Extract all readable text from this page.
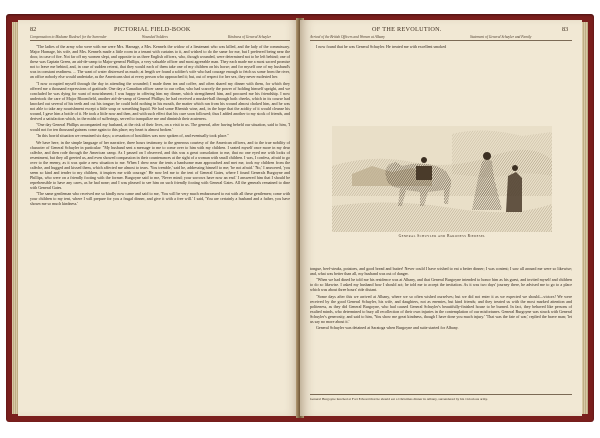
82	PICTORIAL FIELD-BOOK
Compensation to Madame Riedesel for the Surrender	Wounded Soldiers	Kindness of General Schuyler

"The ladies of the army who were with me were Mrs. Harnage, a Mrs. Kennels the widow of a lieutenant who was killed, and the lady of the commissary. Major Harnage, his wife, and Mrs. Kennels made a little room in a tenant with curtains to it, and wished to do the same for me, but I preferred being near the door, in case of fire. Not far off my women slept, and opposite to us three English officers, who, though wounded, were determined not to be left behind; one of these was Captain Green, an aid-de-camp to Major-general Phillips, a very valuable officer and most agreeable man. They each made me a most sacred promise not to leave me behind, and, in case of sudden retreat, that they would each of them take one of my children on his horse; and for myself one of my husband's was in constant readiness. ... The want of water distressed us much; at length we found a soldier's wife who had courage enough to fetch us some from the river, an office nobody else would undertake, as the Americans shot at every person who approached it; but, out of respect for her sex, they never molested her.

"I now occupied myself through the day in attending the wounded; I made them tea and coffee, and often shared my dinner with them, for which they offered me a thousand expressions of gratitude. One day a Canadian officer came to our cellar, who had scarcely the power of holding himself upright, and we concluded he was dying for want of nourishment; I was happy in offering him my dinner, which strengthened him, and procured me his friendship. I now undertook the care of Major Bloomfield, another aid-de-camp of General Phillips; he had received a musket-ball through both cheeks, which in its course had knocked out several of his teeth and cut his tongue; he could hold nothing in his mouth, the matter which ran from his wound almost choked him, and he was not able to take any nourishment except a little soup or something liquid. We had some Rhenish wine, and, in the hope that the acidity of it would cleanse his wound, I gave him a bottle of it. He took a little now and then, and with such effect that his cure soon followed; thus I added another to my stock of friends, and derived a satisfaction which, in the midst of sufferings, served to tranquilize me and diminish their acuteness.

"One day General Phillips accompanied my husband, at the risk of their lives, on a visit to us. The general, after having beheld our situation, said to him, 'I would not for ten thousand guineas come again to this place; my heart is almost broken.'

"In this horrid situation we remained six days; a cessation of hostilities was now spoken of, and eventually took place."

We have here, in the simple language of her narrative, three hours testimony to the generous courtesy of the American officers, and to the true nobility of character of General Schuyler in particular: "My husband sent a message to me to come over to him with my children. I seated myself once more in my dear calèche, and then rode through the American camp. As I passed on I observed, and this was a great consolation to me, that no one eyed me with looks of resentment, but they all greeted us, and even showed compassion in their countenances at the sight of a woman with small children. I was, I confess, afraid to go over to the enemy, as it was quite a new situation to me. When I drew near the tents a handsome man approached and met me, took my children from the calèche, and hugged and kissed them, which affected me almost to tears. 'You tremble,' said he, addressing himself to me; 'be not afraid.' 'No,' I answered, 'you seem so kind and tender to my children, it inspires me with courage.' He now led me to the tent of General Gates, where I found Generals Burgoyne and Phillips, who were on a friendly footing with the former. Burgoyne said to me, 'Never mind; your sorrows have now an end.' I answered him that I should be reprehensible to have any cares, as he had none; and I was pleased to see him on such friendly footing with General Gates. All the generals remained to dine with General Gates.

"The same gentleman who received me so kindly now came and said to me, 'You will be very much embarrassed to eat with all these gentlemen; come with your children to my tent, where I will prepare for you a frugal dinner, and give it with a free will.' I said, 'You are certainly a husband and a father, you have shown me so much kindness.'

OF THE REVOLUTION.	83
Arrival of the British Officers and Women at Albany	Statement of General Schuyler and Family

I now found that he was General Schuyler. He treated me with excellent smoked

tongue, beef-steaks, potatoes, and good bread and butter! Never could I have wished to eat a better dinner; I was content; I saw all around me were so likewise; and, what was better than all, my husband was out of danger.

"When we had dined he told me his residence was at Albany, and that General Burgoyne intended to honor him as his guest, and invited myself and children to do so likewise. I asked my husband how I should act; he told me to accept the invitation. As it was two days' journey there, he advised me to go to a place which was about three hours' ride distant.

"Some days after this we arrived at Albany, where we so often wished ourselves; but we did not enter it as we expected we should—victors! We were received by the good General Schuyler, his wife, and daughters, not as enemies, but kind friends; and they treated us with the most marked attention and politeness, as they did General Burgoyne, who had caused General Schuyler's beautifully-finished house to be burned. In fact, they behaved like persons of exalted minds, who determined to bury all recollection of their own injuries in the contemplation of our misfortunes. General Burgoyne was struck with General Schuyler's generosity, and said to him, 'You show me great kindness, though I have done you much injury.' 'That was the fate of war,' replied the brave man; 'let us say no more about it.'

General Schuyler was detained at Saratoga when Burgoyne and suite started for Albany.

General Burgoyne lunched at Fort Edward that he should eat a Christmas dinner in Albany, surrendered by his victorious army.
General Schuyler and Baroness Riedesel
